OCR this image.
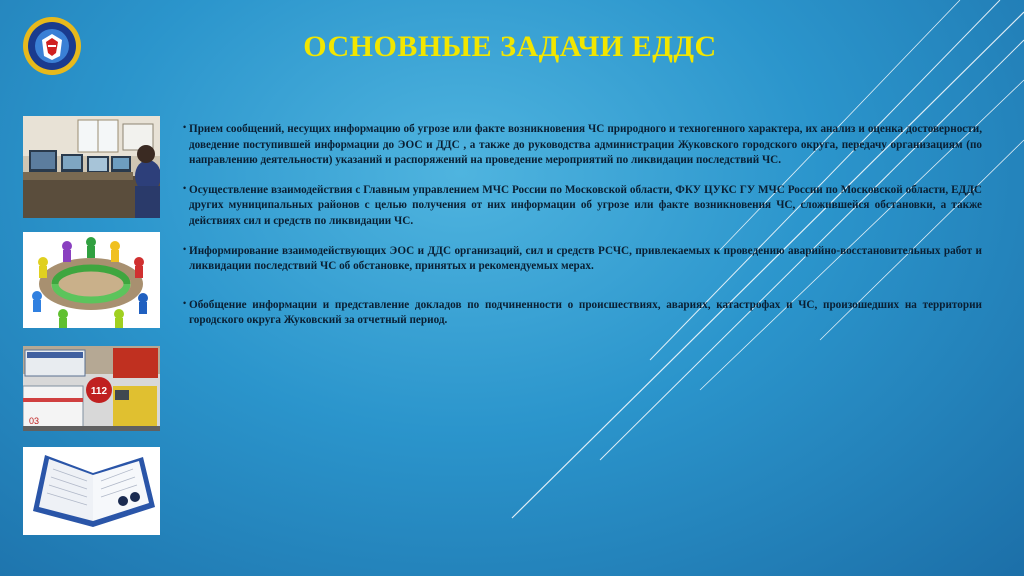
ОСНОВНЫЕ ЗАДАЧИ ЕДДС
03
112

• Прием сообщений, несущих информацию об угрозе или факте возникновения ЧС природного и техногенного характера, их анализ и оценка достоверности, доведение поступившей информации до ЭОС и ДДС , а также до руководства администрации Жуковского городского округа, передачу организациям (по направлению деятельности) указаний и распоряжений на проведение мероприятий по ликвидации последствий ЧС.

• Осуществление взаимодействия с Главным управлением МЧС России по Московской области, ФКУ ЦУКС ГУ МЧС России по Московской области, ЕДДС других муниципальных районов с целью получения от них информации об угрозе или факте возникновения ЧС, сложившейся обстановки, а также действиях сил и средств по ликвидации ЧС.

• Информирование взаимодействующих ЭОС и ДДС организаций, сил и средств РСЧС, привлекаемых к проведению аварийно-восстановительных работ и ликвидации последствий ЧС об обстановке, принятых и рекомендуемых мерах.

• Обобщение информации и представление докладов по подчиненности о происшествиях, авариях, катастрофах и ЧС, произошедших на территории городского округа Жуковский за отчетный период.
